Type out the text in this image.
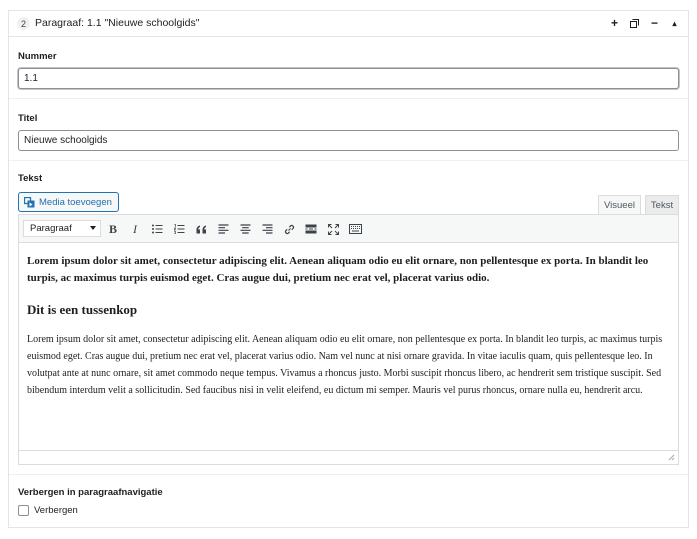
2 Paragraaf: 1.1 "Nieuwe schoolgids"	+	−	▴
Nummer
1.1
Titel
Nieuwe schoolgids
Tekst
Media toevoegen	Visueel	Tekst
Paragraaf	B	I

Lorem ipsum dolor sit amet, consectetur adipiscing elit. Aenean aliquam odio eu elit ornare, non pellentesque ex porta. In blandit leo turpis, ac maximus turpis euismod eget. Cras augue dui, pretium nec erat vel, placerat varius odio.

Dit is een tussenkop

Lorem ipsum dolor sit amet, consectetur adipiscing elit. Aenean aliquam odio eu elit ornare, non pellentesque ex porta. In blandit leo turpis, ac maximus turpis euismod eget. Cras augue dui, pretium nec erat vel, placerat varius odio. Nam vel nunc at nisi ornare gravida. In vitae iaculis quam, quis pellentesque leo. In volutpat ante at nunc ornare, sit amet commodo neque tempus. Vivamus a rhoncus justo. Morbi suscipit rhoncus libero, ac hendrerit sem tristique suscipit. Sed bibendum interdum velit a sollicitudin. Sed faucibus nisi in velit eleifend, eu dictum mi semper. Mauris vel purus rhoncus, ornare nulla eu, hendrerit arcu.

Verbergen in paragraafnavigatie
Verbergen
